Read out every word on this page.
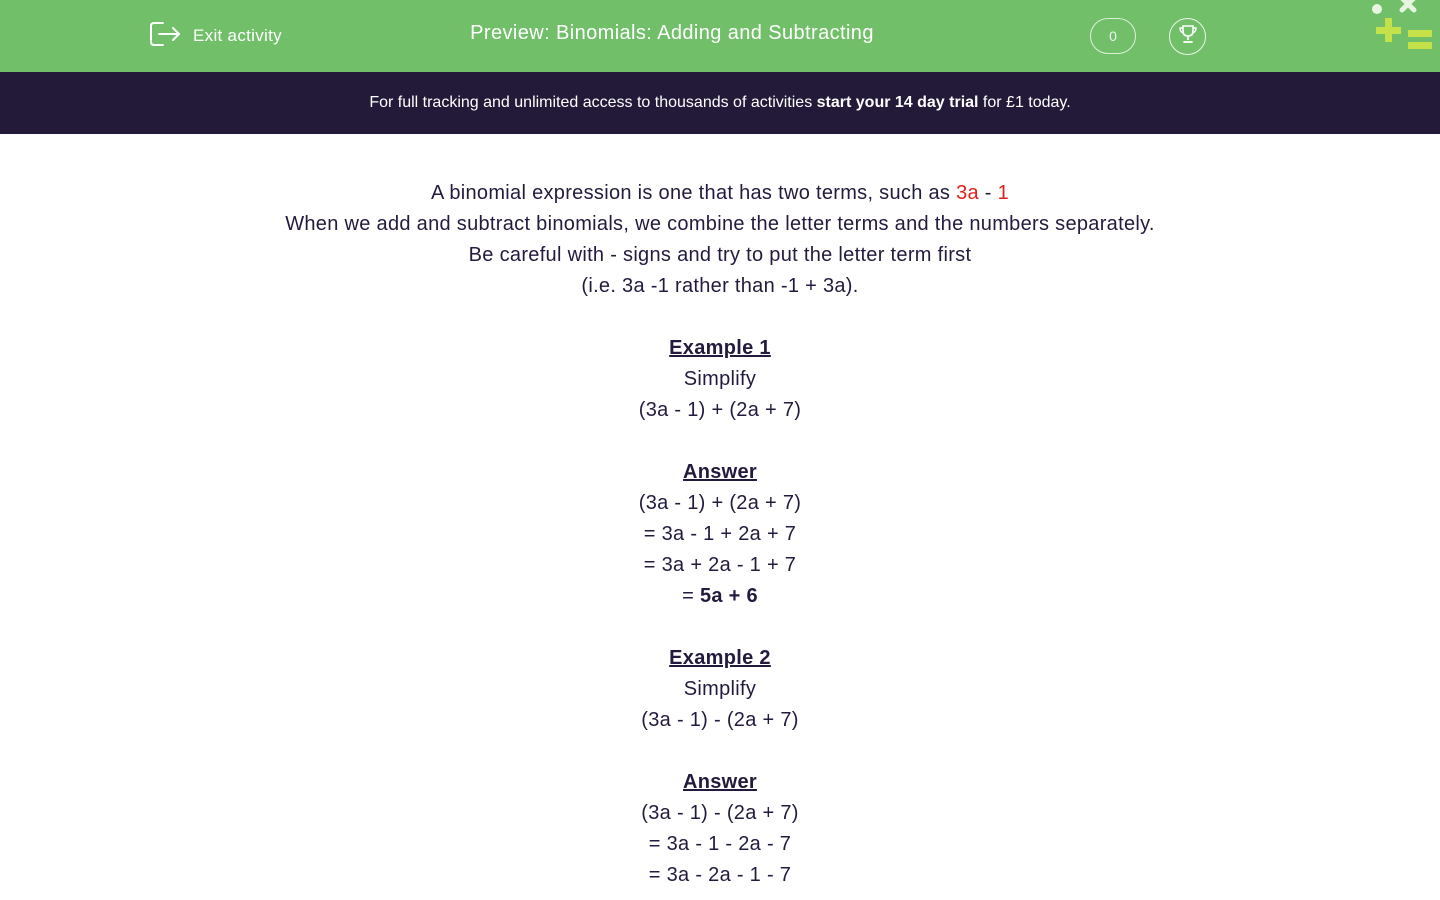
Exit activity	Preview: Binomials: Adding and Subtracting	0
For full tracking and unlimited access to thousands of activities start your 14 day trial for £1 today.
A binomial expression is one that has two terms, such as 3a - 1
When we add and subtract binomials, we combine the letter terms and the numbers separately.
Be careful with - signs and try to put the letter term first
(i.e. 3a -1 rather than -1 + 3a).
Example 1
Simplify
(3a - 1) + (2a + 7)
Answer
(3a - 1) + (2a + 7)
= 3a - 1 + 2a + 7
= 3a + 2a - 1 + 7
= 5a + 6
Example 2
Simplify
(3a - 1) - (2a + 7)
Answer
(3a - 1) - (2a + 7)
= 3a - 1 - 2a - 7
= 3a - 2a - 1 - 7
